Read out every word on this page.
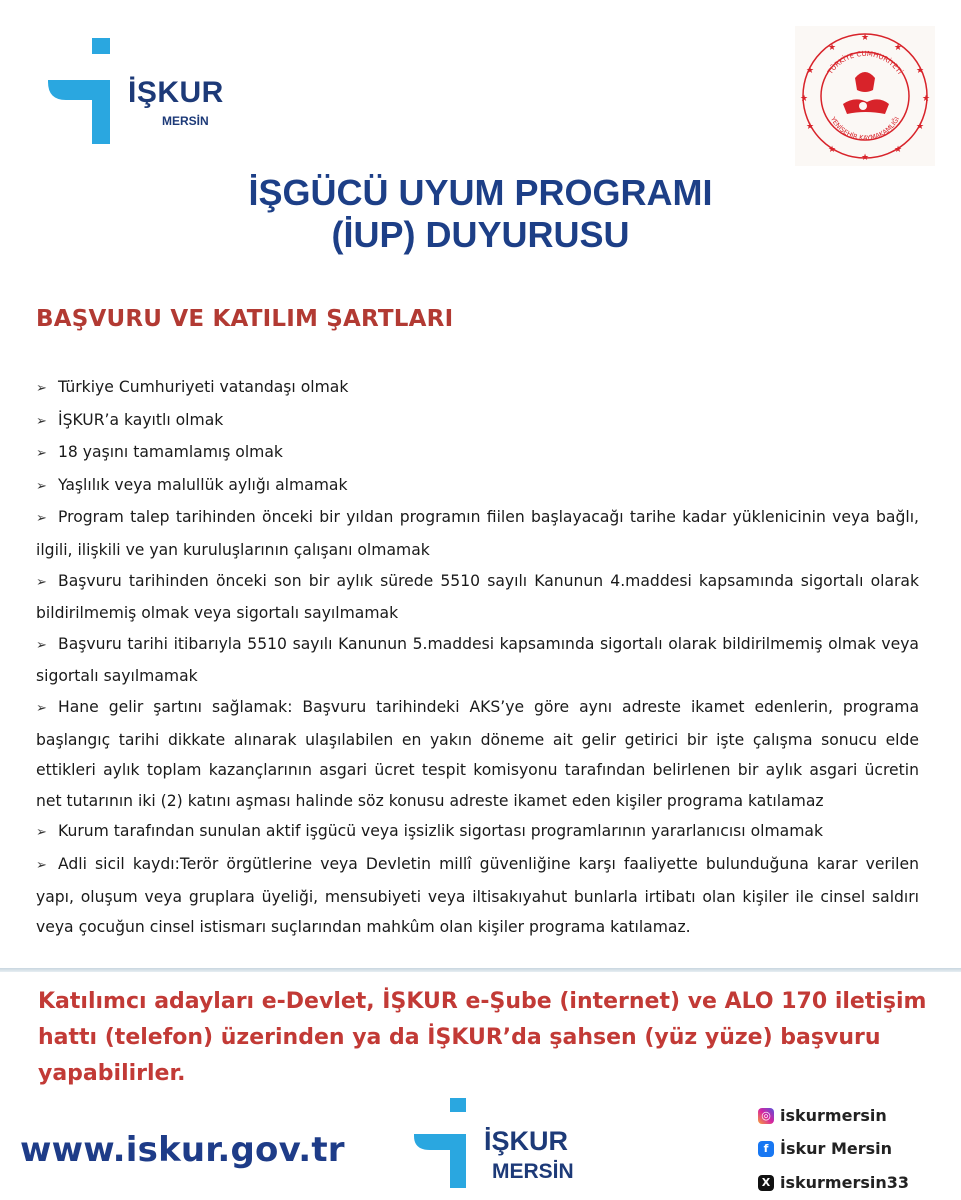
İŞKUR
MERSİN
★
★
★
★
★
★
★
★
★
★
★
★
TÜRKİYE CUMHURİYETİ
YENİŞEHİR KAYMAKAMLIĞI
İŞGÜCÜ UYUM PROGRAMI
(İUP) DUYURUSU
BAŞVURU VE KATILIM ŞARTLARI
➢ Türkiye Cumhuriyeti vatandaşı olmak
➢ İŞKUR’a kayıtlı olmak
➢ 18 yaşını tamamlamış olmak
➢ Yaşlılık veya malullük aylığı almamak
➢ Program talep tarihinden önceki bir yıldan programın fiilen başlayacağı tarihe kadar yüklenicinin veya bağlı, ilgili, ilişkili ve yan kuruluşlarının çalışanı olmamak
➢ Başvuru tarihinden önceki son bir aylık sürede 5510 sayılı Kanunun 4.maddesi kapsamında sigortalı olarak bildirilmemiş olmak veya sigortalı sayılmamak
➢ Başvuru tarihi itibarıyla 5510 sayılı Kanunun 5.maddesi kapsamında sigortalı olarak bildirilmemiş olmak veya sigortalı sayılmamak
➢ Hane gelir şartını sağlamak: Başvuru tarihindeki AKS’ye göre aynı adreste ikamet edenlerin, programa başlangıç tarihi dikkate alınarak ulaşılabilen en yakın döneme ait gelir getirici bir işte çalışma sonucu elde ettikleri aylık toplam kazançlarının asgari ücret tespit komisyonu tarafından belirlenen bir aylık asgari ücretin net tutarının iki (2) katını aşması halinde söz konusu adreste ikamet eden kişiler programa katılamaz
➢ Kurum tarafından sunulan aktif işgücü veya işsizlik sigortası programlarının yararlanıcısı olmamak
➢ Adli sicil kaydı:Terör örgütlerine veya Devletin millî güvenliğine karşı faaliyette bulunduğuna karar verilen yapı, oluşum veya gruplara üyeliği, mensubiyeti veya iltisakıyahut bunlarla irtibatı olan kişiler ile cinsel saldırı veya çocuğun cinsel istismarı suçlarından mahkûm olan kişiler programa katılamaz.
Katılımcı adayları e-Devlet, İŞKUR e-Şube (internet) ve ALO 170 iletişim hattı (telefon) üzerinden ya da İŞKUR’da şahsen (yüz yüze) başvuru yapabilirler.
www.iskur.gov.tr	İŞKUR
MERSİN
◎ iskurmersin
f İskur Mersin
X iskurmersin33
